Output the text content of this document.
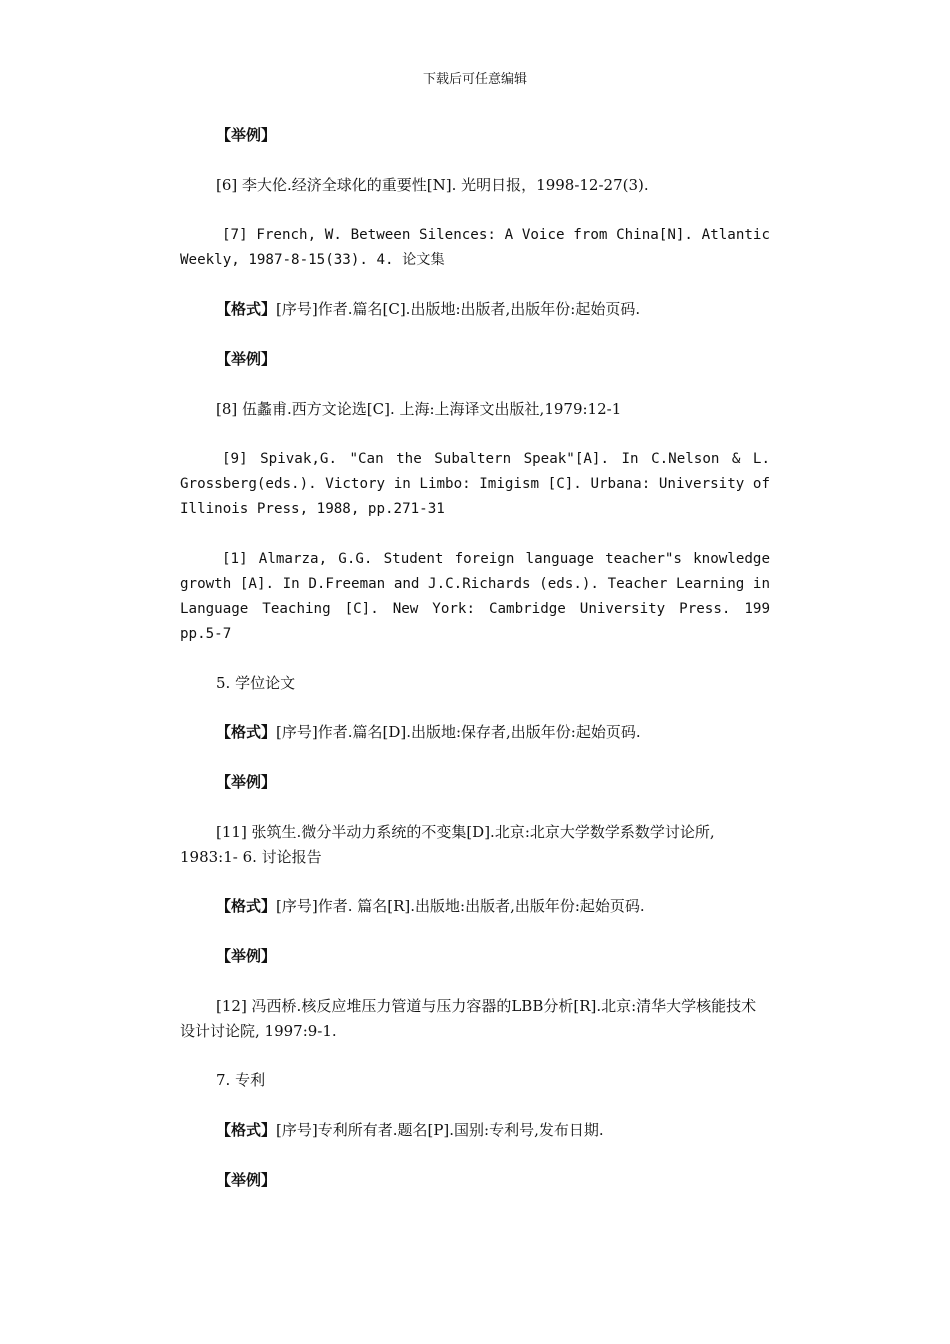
下载后可任意编辑
【举例】
[6] 李大伦.经济全球化的重要性[N]. 光明日报，1998-12-27(3).
[7] French, W. Between Silences: A Voice from China[N]. Atlantic Weekly, 1987-8-15(33). 4. 论文集
【格式】[序号]作者.篇名[C].出版地:出版者,出版年份:起始页码.
【举例】
[8] 伍蠡甫.西方文论选[C]. 上海:上海译文出版社,1979:12-1
[9] Spivak,G. "Can the Subaltern Speak"[A]. In C.Nelson & L. Grossberg(eds.). Victory in Limbo: Imigism [C]. Urbana: University of Illinois Press, 1988, pp.271-31
[1] Almarza, G.G. Student foreign language teacher"s knowledge growth [A]. In D.Freeman and J.C.Richards (eds.). Teacher Learning in Language Teaching [C]. New York: Cambridge University Press. 199 pp.5-7
5. 学位论文
【格式】[序号]作者.篇名[D].出版地:保存者,出版年份:起始页码.
【举例】
[11] 张筑生.微分半动力系统的不变集[D].北京:北京大学数学系数学讨论所, 1983:1- 6. 讨论报告
【格式】[序号]作者. 篇名[R].出版地:出版者,出版年份:起始页码.
【举例】
[12] 冯西桥.核反应堆压力管道与压力容器的LBB分析[R].北京:清华大学核能技术设计讨论院, 1997:9-1.
7. 专利
【格式】[序号]专利所有者.题名[P].国别:专利号,发布日期.
【举例】
